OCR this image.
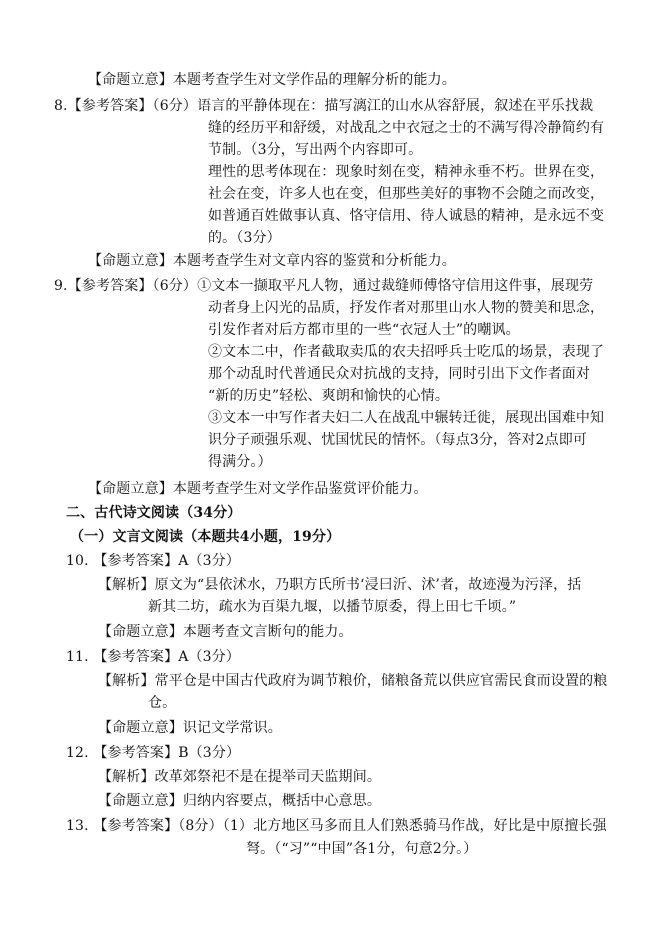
【命题立意】本题考查学生对文学作品的理解分析的能力。
8.【参考答案】（6分）语言的平静体现在：描写漓江的山水从容舒展，叙述在平乐找裁
缝的经历平和舒缓，对战乱之中衣冠之士的不满写得冷静简约有
节制。（3分，写出两个内容即可。
理性的思考体现在：现象时刻在变，精神永垂不朽。世界在变，
社会在变，许多人也在变，但那些美好的事物不会随之而改变，
如普通百姓做事认真、恪守信用、待人诚恳的精神，是永远不变
的。（3分）
【命题立意】本题考查学生对文章内容的鉴赏和分析能力。
9.【参考答案】（6分）①文本一撷取平凡人物，通过裁缝师傅恪守信用这件事，展现劳
动者身上闪光的品质，抒发作者对那里山水人物的赞美和思念，
引发作者对后方都市里的一些“衣冠人士”的嘲讽。
②文本二中，作者截取卖瓜的农夫招呼兵士吃瓜的场景，表现了
那个动乱时代普通民众对抗战的支持，同时引出下文作者面对
“新的历史”轻松、爽朗和愉快的心情。
③文本一中写作者夫妇二人在战乱中辗转迁徙，展现出国难中知
识分子顽强乐观、忧国忧民的情怀。（每点3分，答对2点即可
得满分。）
【命题立意】本题考查学生对文学作品鉴赏评价能力。
二、古代诗文阅读（34分）
（一）文言文阅读（本题共4小题，19分）
10. 【参考答案】A（3分）
【解析】原文为“县依沭水，乃职方氏所书‘浸曰沂、沭’者，故迹漫为污泽，括
新其二坊，疏水为百渠九堰，以播节原委，得上田七千顷。”
【命题立意】本题考查文言断句的能力。
11. 【参考答案】A（3分）
【解析】常平仓是中国古代政府为调节粮价，储粮备荒以供应官需民食而设置的粮
仓。
【命题立意】识记文学常识。
12. 【参考答案】B（3分）
【解析】改革郊祭祀不是在提举司天监期间。
【命题立意】归纳内容要点，概括中心意思。
13. 【参考答案】（8分）（1）北方地区马多而且人们熟悉骑马作战，好比是中原擅长强
弩。（“习”“中国”各1分，句意2分。）
